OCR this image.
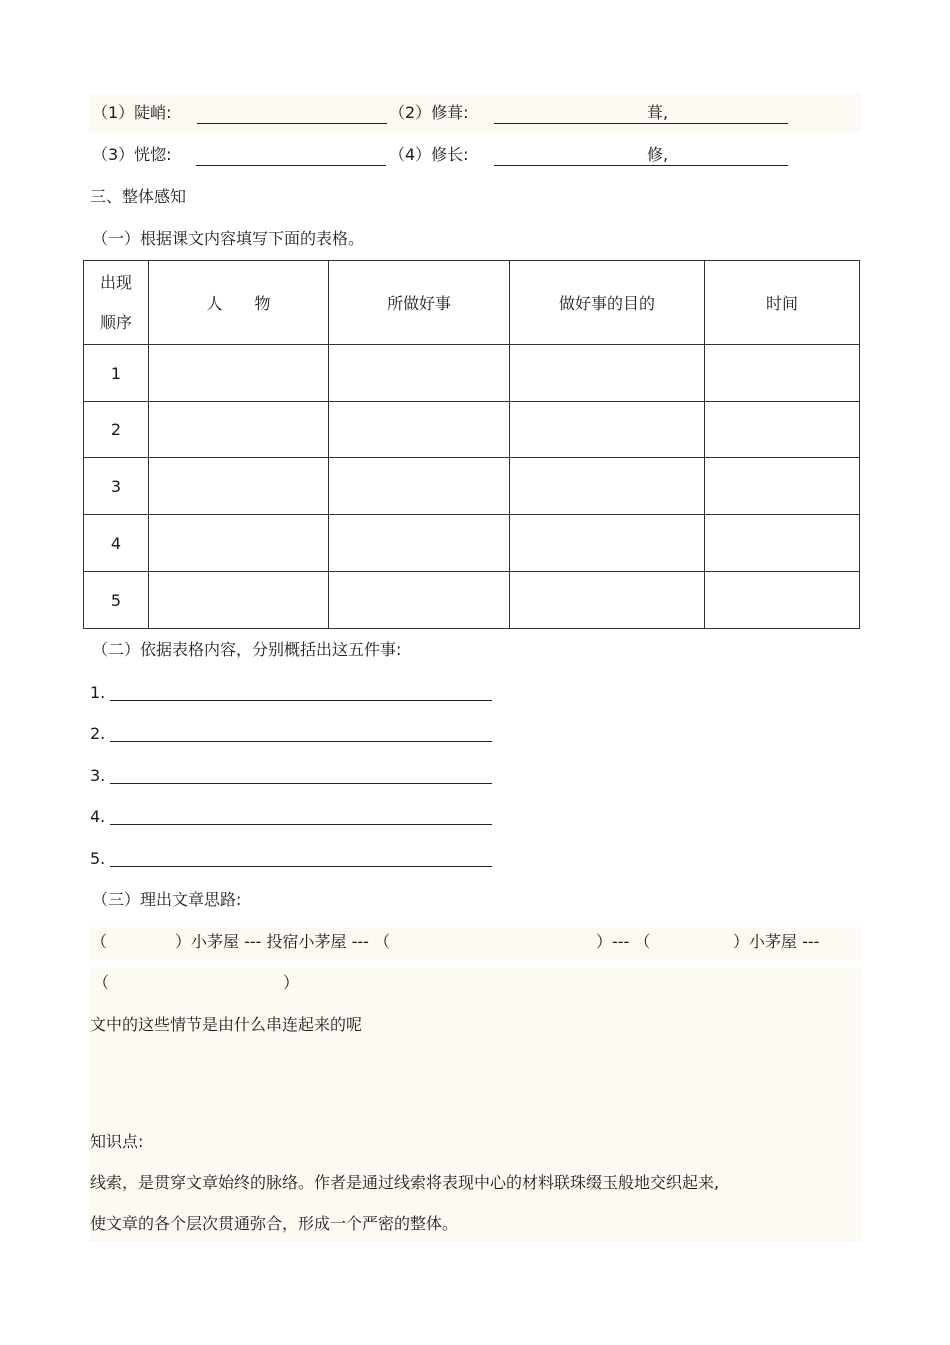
（1）陡峭:	（2）修葺:	葺,
（3）恍惚:	（4）修长:	修,
三、整体感知
（一）根据课文内容填写下面的表格。
出现
顺序	人　　物	所做好事	做好事的目的	时间
1				
2				
3				
4				
5				
（二）依据表格内容，分别概括出这五件事:
1.
2.
3.
4.
5.
（三）理出文章思路:
（	）小茅屋 --- 投宿小茅屋 --- （	）--- （	）小茅屋 ---
（	）
文中的这些情节是由什么串连起来的呢
知识点:
线索，是贯穿文章始终的脉络。作者是通过线索将表现中心的材料联珠缀玉般地交织起来,
使文章的各个层次贯通弥合，形成一个严密的整体。
